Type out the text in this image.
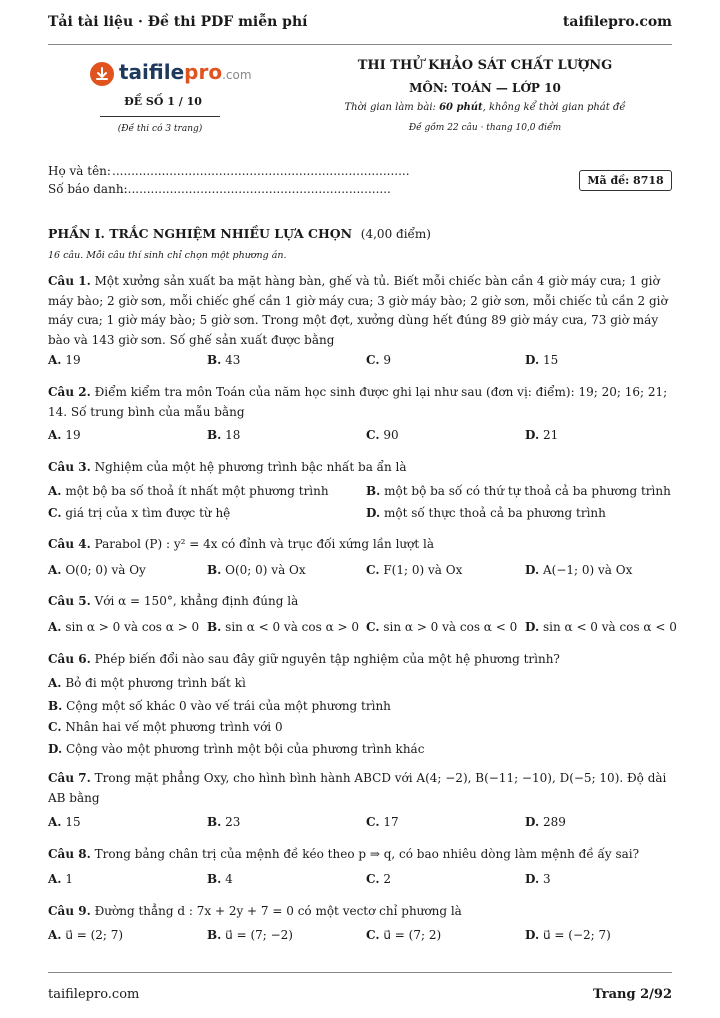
Tải tài liệu · Đề thi PDF miễn phí	taifilepro.com
taifilepro.com
ĐỀ SỐ 1 / 10
(Đề thi có 3 trang)
THI THỬ KHẢO SÁT CHẤT LƯỢNG
MÔN: TOÁN — LỚP 10
Thời gian làm bài: 60 phút, không kể thời gian phát đề
Đề gồm 22 câu · thang 10,0 điểm
Họ và tên: ..............................................................................
Số báo danh:
.......................................................................
Mã đề: 8718
PHẦN I. TRẮC NGHIỆM NHIỀU LỰA CHỌN (4,00 điểm)
16 câu. Mỗi câu thí sinh chỉ chọn một phương án.
Câu 1. Một xưởng sản xuất ba mặt hàng bàn, ghế và tủ. Biết mỗi chiếc bàn cần 4 giờ máy cưa; 1 giờ máy bào; 2 giờ sơn, mỗi chiếc ghế cần 1 giờ máy cưa; 3 giờ máy bào; 2 giờ sơn, mỗi chiếc tủ cần 2 giờ máy cưa; 1 giờ máy bào; 5 giờ sơn. Trong một đợt, xưởng dùng hết đúng 89 giờ máy cưa, 73 giờ máy bào và 143 giờ sơn. Số ghế sản xuất được bằng
A. 19	B. 43	C. 9	D. 15
Câu 2. Điểm kiểm tra môn Toán của năm học sinh được ghi lại như sau (đơn vị: điểm): 19; 20; 16; 21; 14. Số trung bình của mẫu bằng
A. 19	B. 18	C. 90	D. 21
Câu 3. Nghiệm của một hệ phương trình bậc nhất ba ẩn là
A. một bộ ba số thoả ít nhất một phương trình	B. một bộ ba số có thứ tự thoả cả ba phương trình
C. giá trị của x tìm được từ hệ	D. một số thực thoả cả ba phương trình
Câu 4. Parabol (P) : y² = 4x có đỉnh và trục đối xứng lần lượt là
A. O(0; 0) và Oy	B. O(0; 0) và Ox	C. F(1; 0) và Ox	D. A(−1; 0) và Ox
Câu 5. Với α = 150°, khẳng định đúng là
A. sin α > 0 và cos α > 0 B. sin α < 0 và cos α > 0 C. sin α > 0 và cos α < 0 D. sin α < 0 và cos α < 0
Câu 6. Phép biến đổi nào sau đây giữ nguyên tập nghiệm của một hệ phương trình?
A. Bỏ đi một phương trình bất kì
B. Cộng một số khác 0 vào vế trái của một phương trình
C. Nhân hai vế một phương trình với 0
D. Cộng vào một phương trình một bội của phương trình khác
Câu 7. Trong mặt phẳng Oxy, cho hình bình hành ABCD với A(4; −2), B(−11; −10), D(−5; 10). Độ dài AB bằng
A. 15	B. 23	C. 17	D. 289
Câu 8. Trong bảng chân trị của mệnh đề kéo theo p ⇒ q, có bao nhiêu dòng làm mệnh đề ấy sai?
A. 1	B. 4	C. 2	D. 3
Câu 9. Đường thẳng d : 7x + 2y + 7 = 0 có một vectơ chỉ phương là
A. u⃗ = (2; 7)	B. u⃗ = (7; −2)	C. u⃗ = (7; 2)	D. u⃗ = (−2; 7)
taifilepro.com	Trang 2/92
